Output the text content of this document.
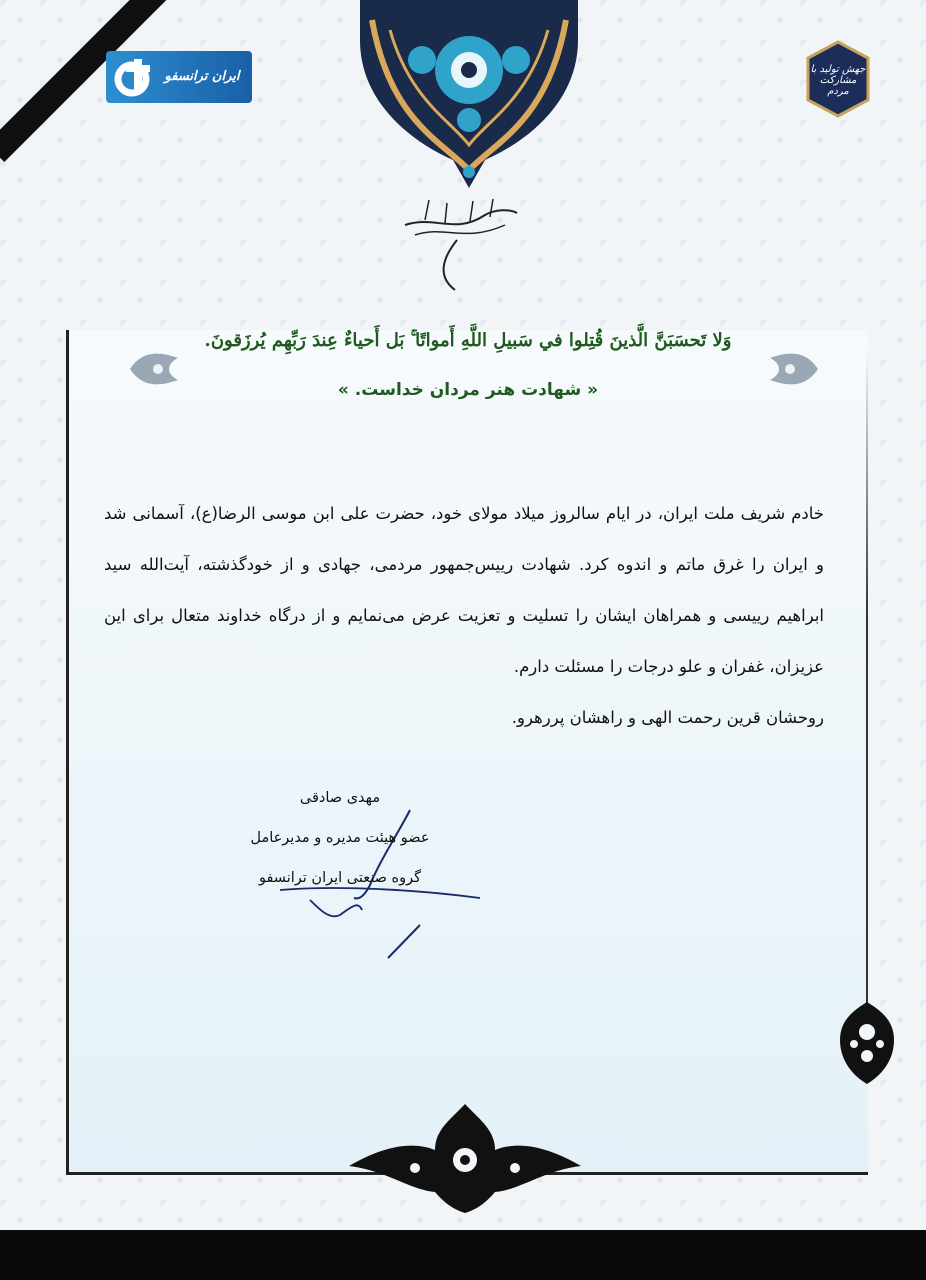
ایران ترانسفو	جهش تولید با مشارکت مردم
بسم الله الرحمن الرحیم
وَلا تَحسَبَنَّ الَّذينَ قُتِلوا في سَبيلِ اللَّهِ أَمواتًا ۚ بَل أَحياءٌ عِندَ رَبِّهِم يُرزَقونَ.
« شهادت هنر مردان خداست. »

خادم شریف ملت ایران، در ایام سالروز میلاد مولای خود، حضرت علی ابن موسی الرضا(ع)، آسمانی شد و ایران را غرق ماتم و اندوه کرد. شهادت رییس‌جمهور مردمی، جهادی و از خودگذشته، آیت‌الله سید ابراهیم رییسی و همراهان ایشان را تسلیت و تعزیت عرض می‌نمایم و از درگاه خداوند متعال برای این عزیزان، غفران و علو درجات را مسئلت دارم.

روحشان قرین رحمت الهی و راهشان پررهرو.

مهدی صادقی
عضو هیئت مدیره و مدیرعامل
گروه صنعتی ایران ترانسفو
